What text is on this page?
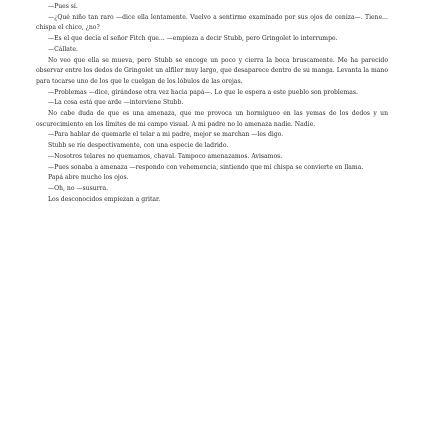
—Pues sí.

—¿Qué niño tan raro —dice ella lentamente. Vuelvo a sentirme examinado por sus ojos de ceniza—. Tiene... chispa el chico, ¿no?

—Es el que decía el señor Fitch que... —empieza a decir Stubb, pero Gringolet lo interrumpe.

—Cállate.

No veo que ella se mueva, pero Stubb se encoge un poco y cierra la boca bruscamente. Me ha parecido observar entre los dedos de Gringolet un alfiler muy largo, que desaparece dentro de su manga. Levanta la mano para tocarse uno de los que le cuelgan de los lóbulos de las orejas.

—Problemas —dice, girándose otra vez hacia papá—. Lo que le espera a este pueblo son problemas.

—La cosa está que arde —interviene Stubb.

No cabe duda de que es una amenaza, que me provoca un hormigueo en las yemas de los dedos y un oscurecimiento en los límites de mi campo visual. A mi padre no lo amenaza nadie. Nadie.

—Para hablar de quemarle el telar a mi padre, mejor se marchan —les digo.

Stubb se ríe despectivamente, con una especie de ladrido.

—Nosotros telares no quemamos, chaval. Tampoco amenazamos. Avisamos.

—Pues sonaba a amenaza —respondo con vehemencia, sintiendo que mi chispa se convierte en llama.

Papá abre mucho los ojos.

—Oh, no —susurra.

Los desconocidos empiezan a gritar.
